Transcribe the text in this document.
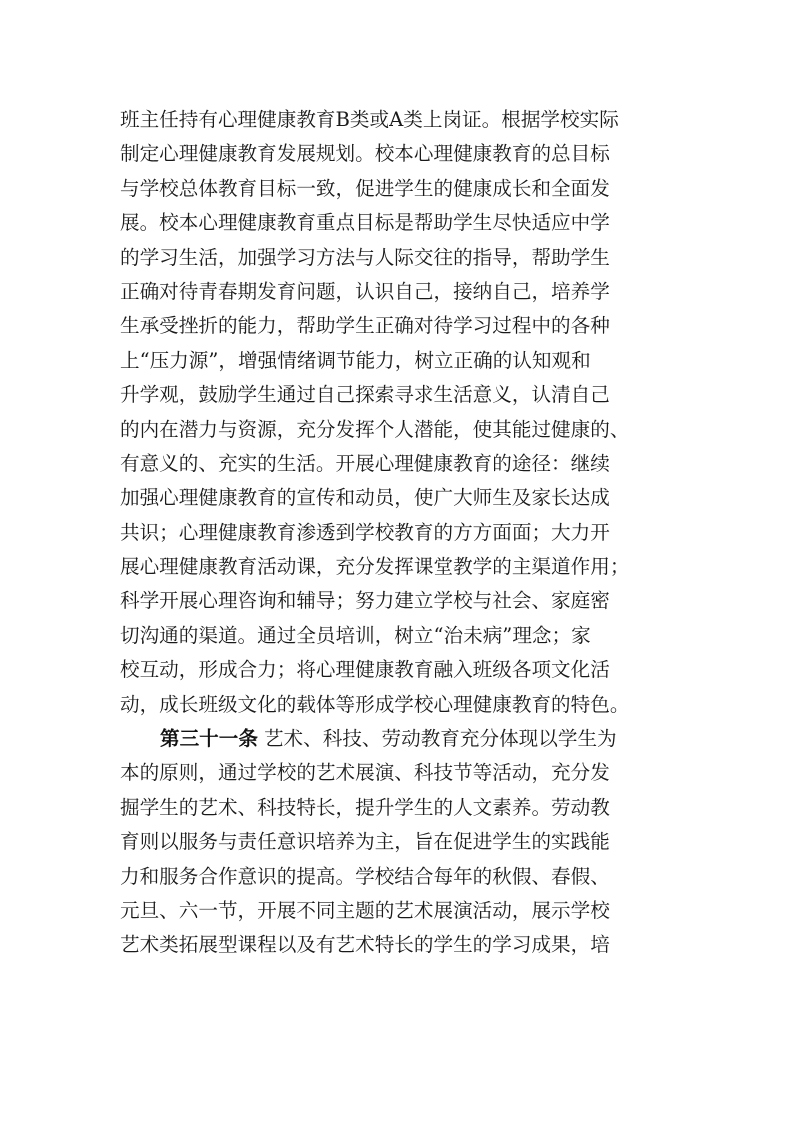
班主任持有心理健康教育B类或A类上岗证。根据学校实际
制定心理健康教育发展规划。校本心理健康教育的总目标
与学校总体教育目标一致，促进学生的健康成长和全面发
展。校本心理健康教育重点目标是帮助学生尽快适应中学
的学习生活，加强学习方法与人际交往的指导，帮助学生
正确对待青春期发育问题，认识自己，接纳自己，培养学
生承受挫折的能力，帮助学生正确对待学习过程中的各种
上“压力源”，增强情绪调节能力，树立正确的认知观和
升学观，鼓励学生通过自己探索寻求生活意义，认清自己
的内在潜力与资源，充分发挥个人潜能，使其能过健康的、
有意义的、充实的生活。开展心理健康教育的途径：继续
加强心理健康教育的宣传和动员，使广大师生及家长达成
共识；心理健康教育渗透到学校教育的方方面面；大力开
展心理健康教育活动课，充分发挥课堂教学的主渠道作用；
科学开展心理咨询和辅导；努力建立学校与社会、家庭密
切沟通的渠道。通过全员培训，树立“治未病”理念；家
校互动，形成合力；将心理健康教育融入班级各项文化活
动，成长班级文化的载体等形成学校心理健康教育的特色。
第三十一条 艺术、科技、劳动教育充分体现以学生为
本的原则，通过学校的艺术展演、科技节等活动，充分发
掘学生的艺术、科技特长，提升学生的人文素养。劳动教
育则以服务与责任意识培养为主，旨在促进学生的实践能
力和服务合作意识的提高。学校结合每年的秋假、春假、
元旦、六一节，开展不同主题的艺术展演活动，展示学校
艺术类拓展型课程以及有艺术特长的学生的学习成果，培
